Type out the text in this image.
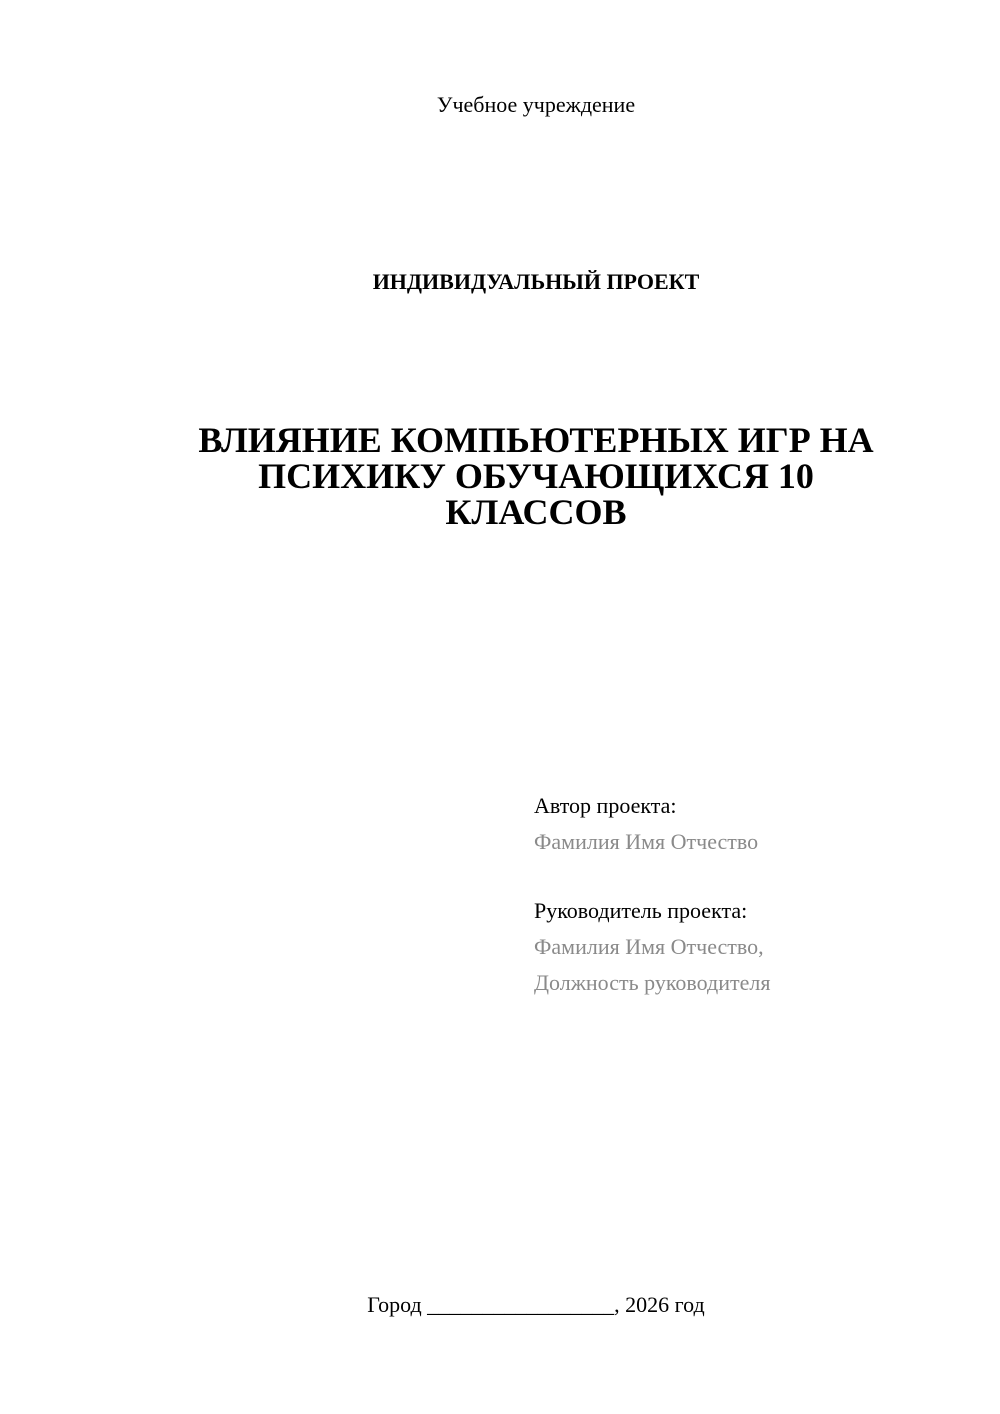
Учебное учреждение
ИНДИВИДУАЛЬНЫЙ ПРОЕКТ
ВЛИЯНИЕ КОМПЬЮТЕРНЫХ ИГР НА
ПСИХИКУ ОБУЧАЮЩИХСЯ 10
КЛАССОВ
Автор проекта:
Фамилия Имя Отчество
Руководитель проекта:
Фамилия Имя Отчество,
Должность руководителя
Город _________________, 2026 год
